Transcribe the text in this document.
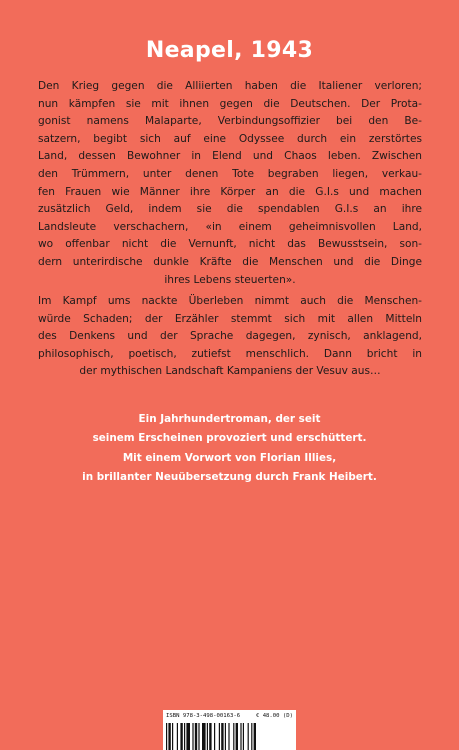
Neapel, 1943
Den Krieg gegen die Alliierten haben die Italiener verloren;
nun kämpfen sie mit ihnen gegen die Deutschen. Der Prota-
gonist namens Malaparte, Verbindungsoffizier bei den Be-
satzern, begibt sich auf eine Odyssee durch ein zerstörtes
Land, dessen Bewohner in Elend und Chaos leben. Zwischen
den Trümmern, unter denen Tote begraben liegen, verkau-
fen Frauen wie Männer ihre Körper an die G.I.s und machen
zusätzlich Geld, indem sie die spendablen G.I.s an ihre
Landsleute verschachern, «in einem geheimnisvollen Land,
wo offenbar nicht die Vernunft, nicht das Bewusstsein, son-
dern unterirdische dunkle Kräfte die Menschen und die Dinge
ihres Lebens steuerten».
Im Kampf ums nackte Überleben nimmt auch die Menschen-
würde Schaden; der Erzähler stemmt sich mit allen Mitteln
des Denkens und der Sprache dagegen, zynisch, anklagend,
philosophisch, poetisch, zutiefst menschlich. Dann bricht in
der mythischen Landschaft Kampaniens der Vesuv aus…
Ein Jahrhundertroman, der seit
seinem Erscheinen provoziert und erschüttert.
Mit einem Vorwort von Florian Illies,
in brillanter Neuübersetzung durch Frank Heibert.
ISBN 978-3-498-00163-6	€ 48.00 (D)
